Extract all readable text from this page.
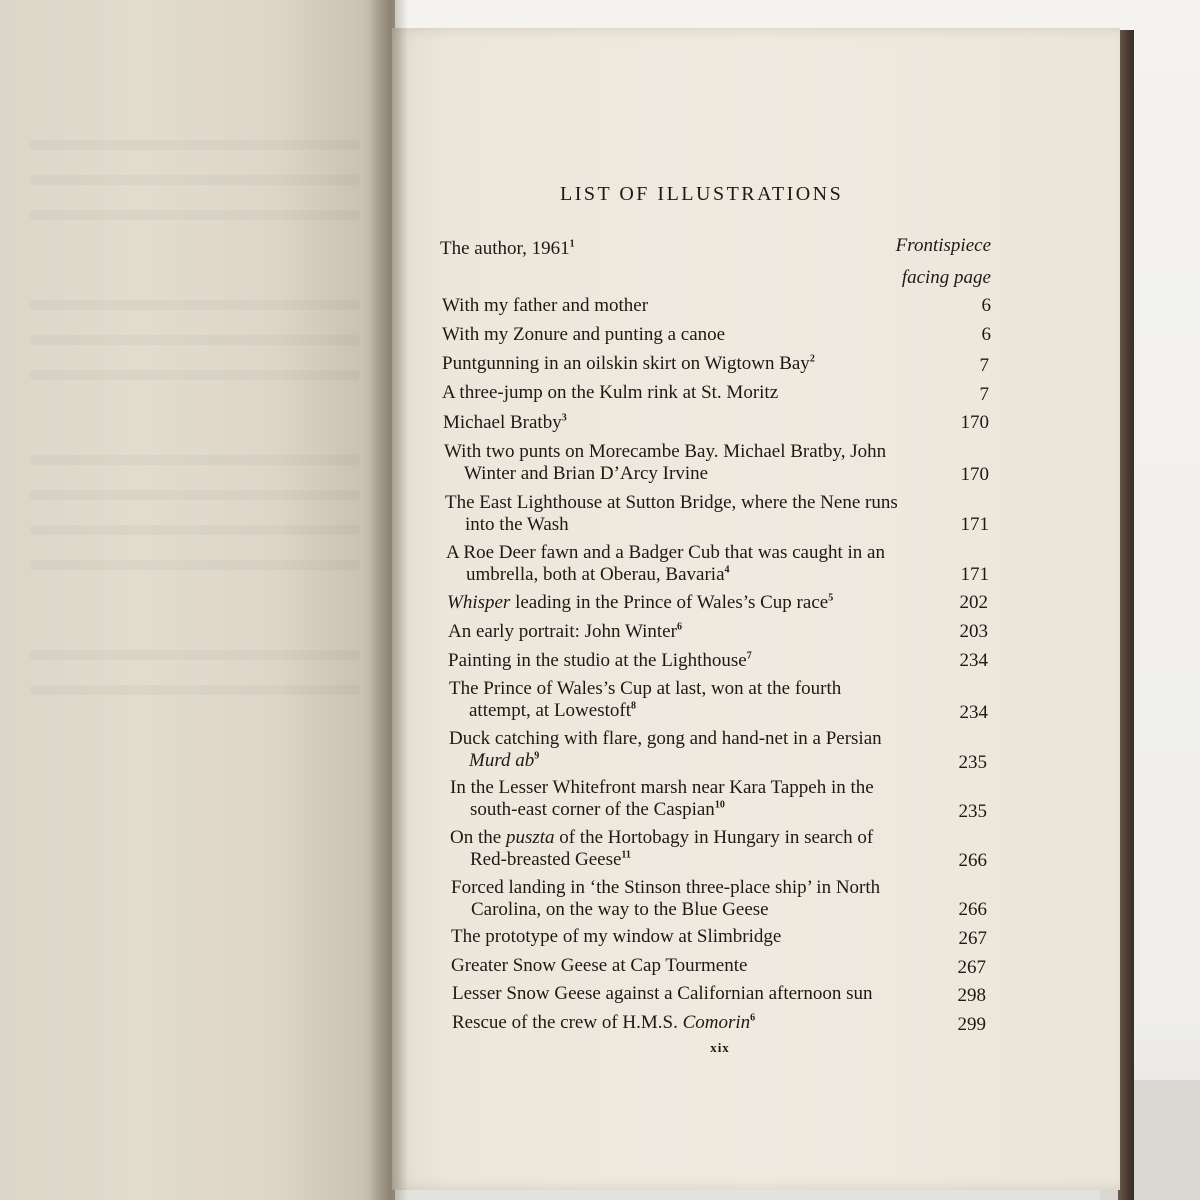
LIST OF ILLUSTRATIONS
The author, 1961$^1$	Frontispiece
facing page
With my father and mother	6
With my Zonure and punting a canoe	6
Puntgunning in an oilskin skirt on Wigtown Bay$^2$	7
A three-jump on the Kulm rink at St. Moritz	7
Michael Bratby$^3$	170
With two punts on Morecambe Bay. Michael Bratby, John
Winter and Brian D’Arcy Irvine	170
The East Lighthouse at Sutton Bridge, where the Nene runs
into the Wash	171
A Roe Deer fawn and a Badger Cub that was caught in an
umbrella, both at Oberau, Bavaria$^4$	171
Whisper leading in the Prince of Wales’s Cup race$^5$	202
An early portrait: John Winter$^6$	203
Painting in the studio at the Lighthouse$^7$	234
The Prince of Wales’s Cup at last, won at the fourth
attempt, at Lowestoft$^8$	234
Duck catching with flare, gong and hand-net in a Persian
Murd $ab^9$	235
In the Lesser Whitefront marsh near Kara Tappeh in the
south-east corner of the Caspian$^{10}$	235
On the puszta of the Hortobagy in Hungary in search of
Red-breasted Geese$^{11}$	266
Forced landing in ‘the Stinson three-place ship’ in North
Carolina, on the way to the Blue Geese	266
The prototype of my window at Slimbridge	267
Greater Snow Geese at Cap Tourmente	267
Lesser Snow Geese against a Californian afternoon sun	298
Rescue of the crew of H.M.S. Comorin$^6$	299
xix
